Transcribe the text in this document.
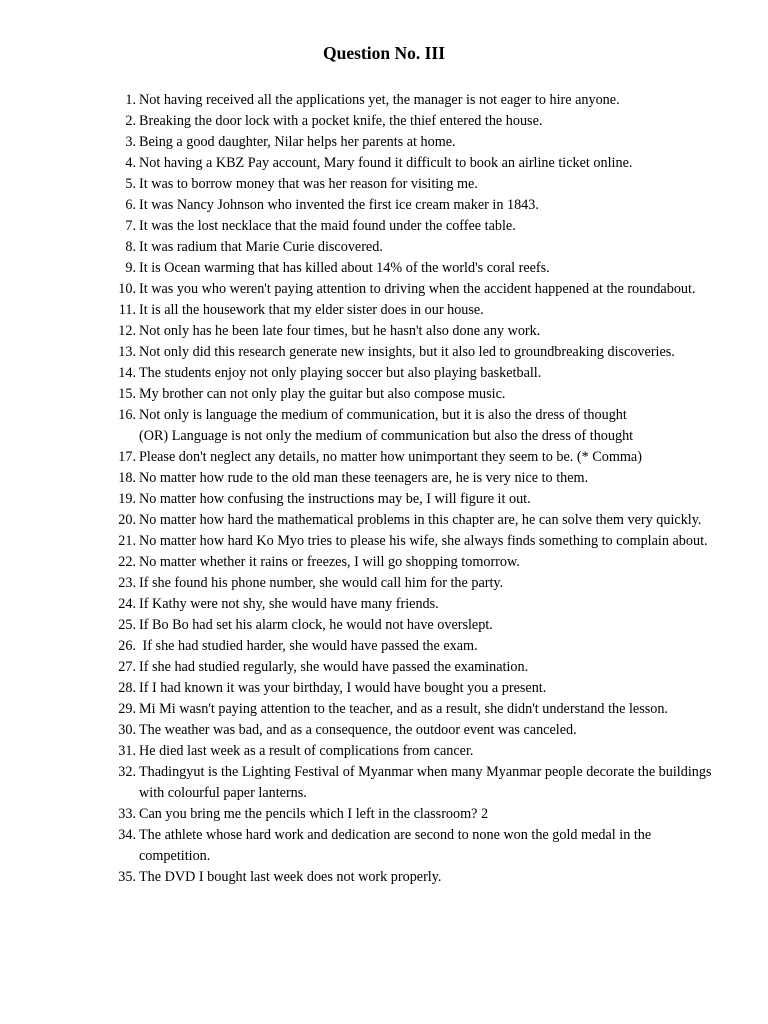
Question No. III
1. Not having received all the applications yet, the manager is not eager to hire anyone.
2. Breaking the door lock with a pocket knife, the thief entered the house.
3. Being a good daughter, Nilar helps her parents at home.
4. Not having a KBZ Pay account, Mary found it difficult to book an airline ticket online.
5. It was to borrow money that was her reason for visiting me.
6. It was Nancy Johnson who invented the first ice cream maker in 1843.
7. It was the lost necklace that the maid found under the coffee table.
8. It was radium that Marie Curie discovered.
9. It is Ocean warming that has killed about 14% of the world's coral reefs.
10. It was you who weren't paying attention to driving when the accident happened at the roundabout.
11. It is all the housework that my elder sister does in our house.
12. Not only has he been late four times, but he hasn't also done any work.
13. Not only did this research generate new insights, but it also led to groundbreaking discoveries.
14. The students enjoy not only playing soccer but also playing basketball.
15. My brother can not only play the guitar but also compose music.
16. Not only is language the medium of communication, but it is also the dress of thought
(OR) Language is not only the medium of communication but also the dress of thought
17. Please don't neglect any details, no matter how unimportant they seem to be. (* Comma)
18. No matter how rude to the old man these teenagers are, he is very nice to them.
19. No matter how confusing the instructions may be, I will figure it out.
20. No matter how hard the mathematical problems in this chapter are, he can solve them very quickly.
21. No matter how hard Ko Myo tries to please his wife, she always finds something to complain about.
22. No matter whether it rains or freezes, I will go shopping tomorrow.
23. If she found his phone number, she would call him for the party.
24. If Kathy were not shy, she would have many friends.
25. If Bo Bo had set his alarm clock, he would not have overslept.
26. If she had studied harder, she would have passed the exam.
27. If she had studied regularly, she would have passed the examination.
28. If I had known it was your birthday, I would have bought you a present.
29. Mi Mi wasn't paying attention to the teacher, and as a result, she didn't understand the lesson.
30. The weather was bad, and as a consequence, the outdoor event was canceled.
31. He died last week as a result of complications from cancer.
32. Thadingyut is the Lighting Festival of Myanmar when many Myanmar people decorate the buildings with colourful paper lanterns.
33. Can you bring me the pencils which I left in the classroom? 2
34. The athlete whose hard work and dedication are second to none won the gold medal in the competition.
35. The DVD I bought last week does not work properly.
